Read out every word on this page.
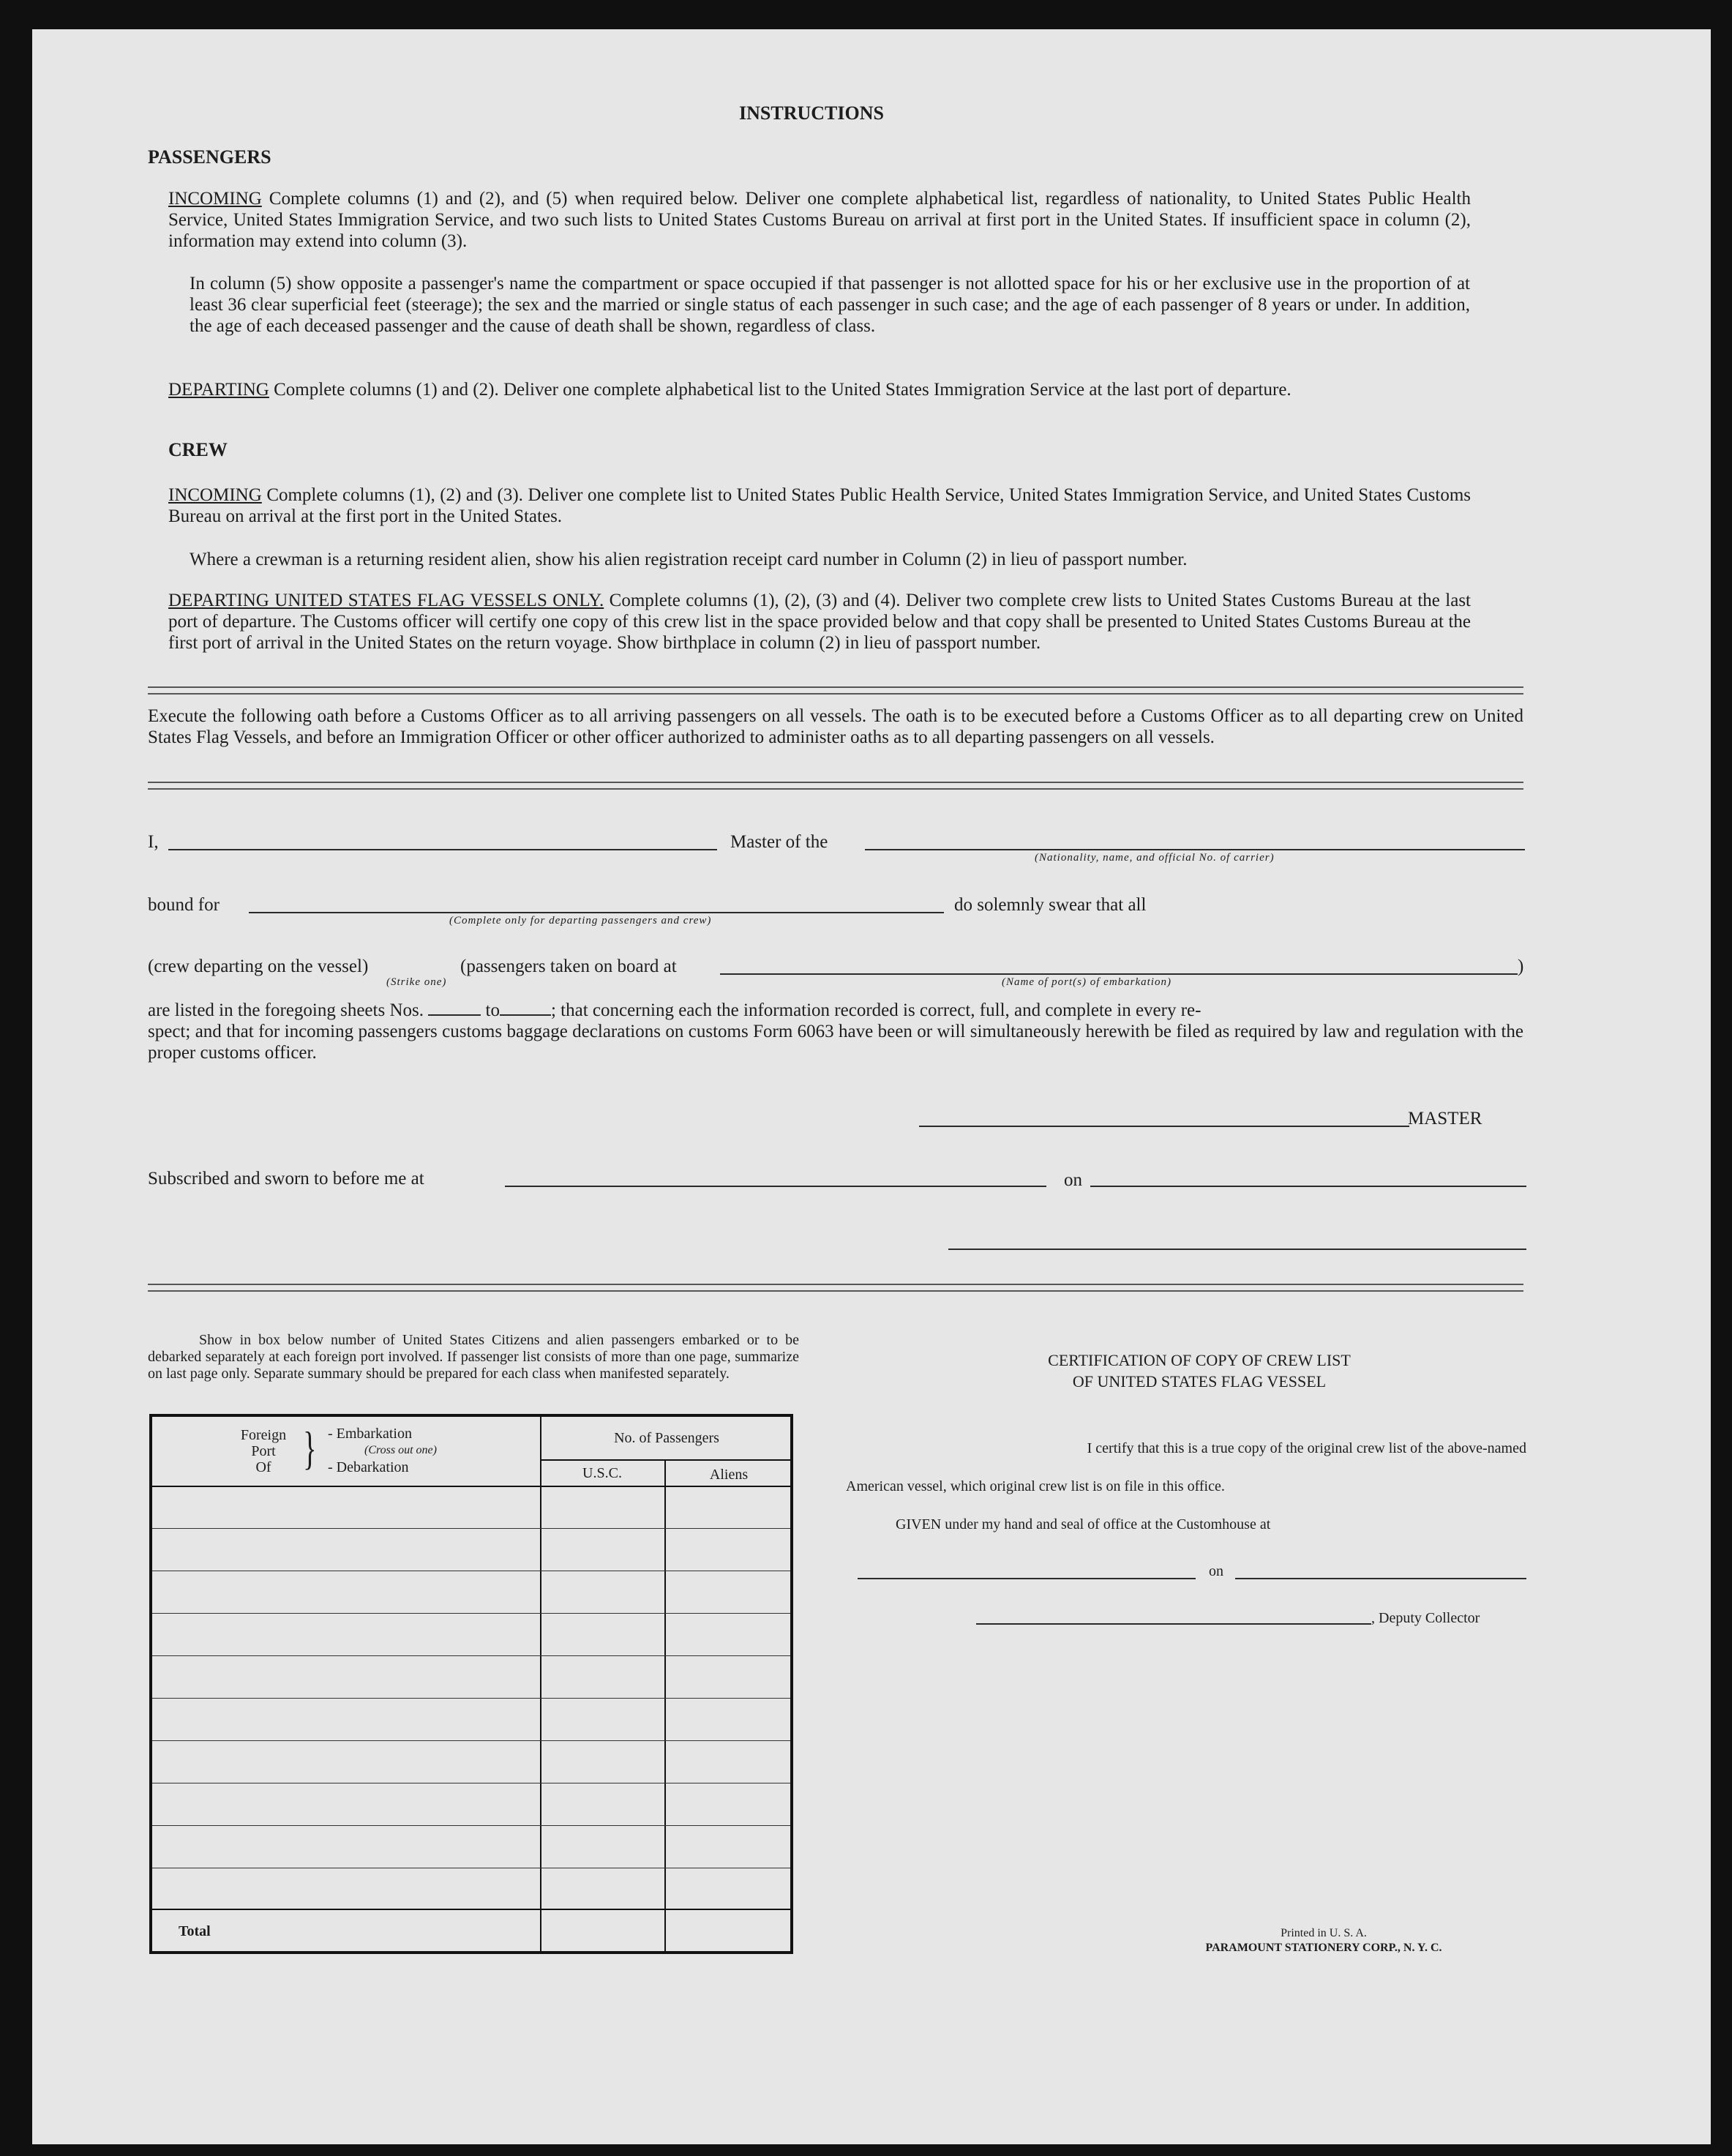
INSTRUCTIONS
PASSENGERS
INCOMING Complete columns (1) and (2), and (5) when required below. Deliver one complete alphabetical list, regardless of nationality, to United States Public Health Service, United States Immigration Service, and two such lists to United States Customs Bureau on arrival at first port in the United States. If insufficient space in column (2), information may extend into column (3).
In column (5) show opposite a passenger's name the compartment or space occupied if that passenger is not allotted space for his or her exclusive use in the proportion of at least 36 clear superficial feet (steerage); the sex and the married or single status of each passenger in such case; and the age of each passenger of 8 years or under. In addition, the age of each deceased passenger and the cause of death shall be shown, regardless of class.
DEPARTING Complete columns (1) and (2). Deliver one complete alphabetical list to the United States Immigration Service at the last port of departure.
CREW
INCOMING Complete columns (1), (2) and (3). Deliver one complete list to United States Public Health Service, United States Immigration Service, and United States Customs Bureau on arrival at the first port in the United States.
Where a crewman is a returning resident alien, show his alien registration receipt card number in Column (2) in lieu of passport number.
DEPARTING UNITED STATES FLAG VESSELS ONLY. Complete columns (1), (2), (3) and (4). Deliver two complete crew lists to United States Customs Bureau at the last port of departure. The Customs officer will certify one copy of this crew list in the space provided below and that copy shall be presented to United States Customs Bureau at the first port of arrival in the United States on the return voyage. Show birthplace in column (2) in lieu of passport number.
Execute the following oath before a Customs Officer as to all arriving passengers on all vessels. The oath is to be executed before a Customs Officer as to all departing crew on United States Flag Vessels, and before an Immigration Officer or other officer authorized to administer oaths as to all departing passengers on all vessels.
I,	Master of the
(Nationality, name, and official No. of carrier)
bound for
(Complete only for departing passengers and crew)
do solemnly swear that all
(crew departing on the vessel)	(passengers taken on board at	)
(Strike one)	(Name of port(s) of embarkation)
are listed in the foregoing sheets Nos.	to	; that concerning each the information recorded is correct, full, and complete in every re-
spect; and that for incoming passengers customs baggage declarations on customs Form 6063 have been or will simultaneously herewith be filed as required by law and regulation with the proper customs officer.
MASTER
Subscribed and sworn to before me at	on
Show in box below number of United States Citizens and alien passengers embarked or to be debarked separately at each foreign port involved. If passenger list consists of more than one page, summarize on last page only. Separate summary should be prepared for each class when manifested separately.
Foreign
Port
Of } - Embarkation
(Cross out one)
- Debarkation
No. of Passengers
U.S.C.	Aliens
Total
CERTIFICATION OF COPY OF CREW LIST
OF UNITED STATES FLAG VESSEL
I certify that this is a true copy of the original crew list of the above-named
American vessel, which original crew list is on file in this office.
GIVEN under my hand and seal of office at the Customhouse at
on
, Deputy Collector
Printed in U. S. A.
PARAMOUNT STATIONERY CORP., N. Y. C.
